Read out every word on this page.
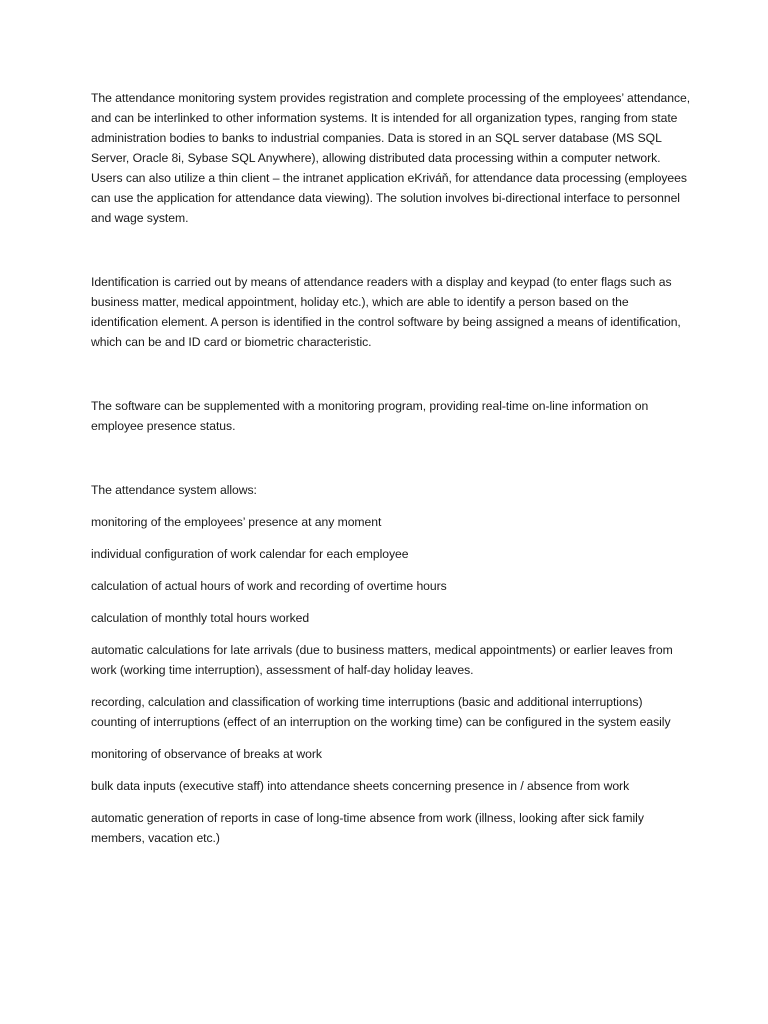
The attendance monitoring system provides registration and complete processing of the employees’ attendance, and can be interlinked to other information systems. It is intended for all organization types, ranging from state administration bodies to banks to industrial companies. Data is stored in an SQL server database (MS SQL Server, Oracle 8i, Sybase SQL Anywhere), allowing distributed data processing within a computer network. Users can also utilize a thin client – the intranet application eKriváň, for attendance data processing (employees can use the application for attendance data viewing). The solution involves bi-directional interface to personnel and wage system.

Identification is carried out by means of attendance readers with a display and keypad (to enter flags such as business matter, medical appointment, holiday etc.), which are able to identify a person based on the identification element. A person is identified in the control software by being assigned a means of identification, which can be and ID card or biometric characteristic.

The software can be supplemented with a monitoring program, providing real-time on-line information on employee presence status.

The attendance system allows:

monitoring of the employees’ presence at any moment
individual configuration of work calendar for each employee
calculation of actual hours of work and recording of overtime hours
calculation of monthly total hours worked
automatic calculations for late arrivals (due to business matters, medical appointments) or earlier leaves from work (working time interruption), assessment of half-day holiday leaves.
recording, calculation and classification of working time interruptions (basic and additional interruptions) counting of interruptions (effect of an interruption on the working time) can be configured in the system easily
monitoring of observance of breaks at work
bulk data inputs (executive staff) into attendance sheets concerning presence in / absence from work
automatic generation of reports in case of long-time absence from work (illness, looking after sick family members, vacation etc.)
